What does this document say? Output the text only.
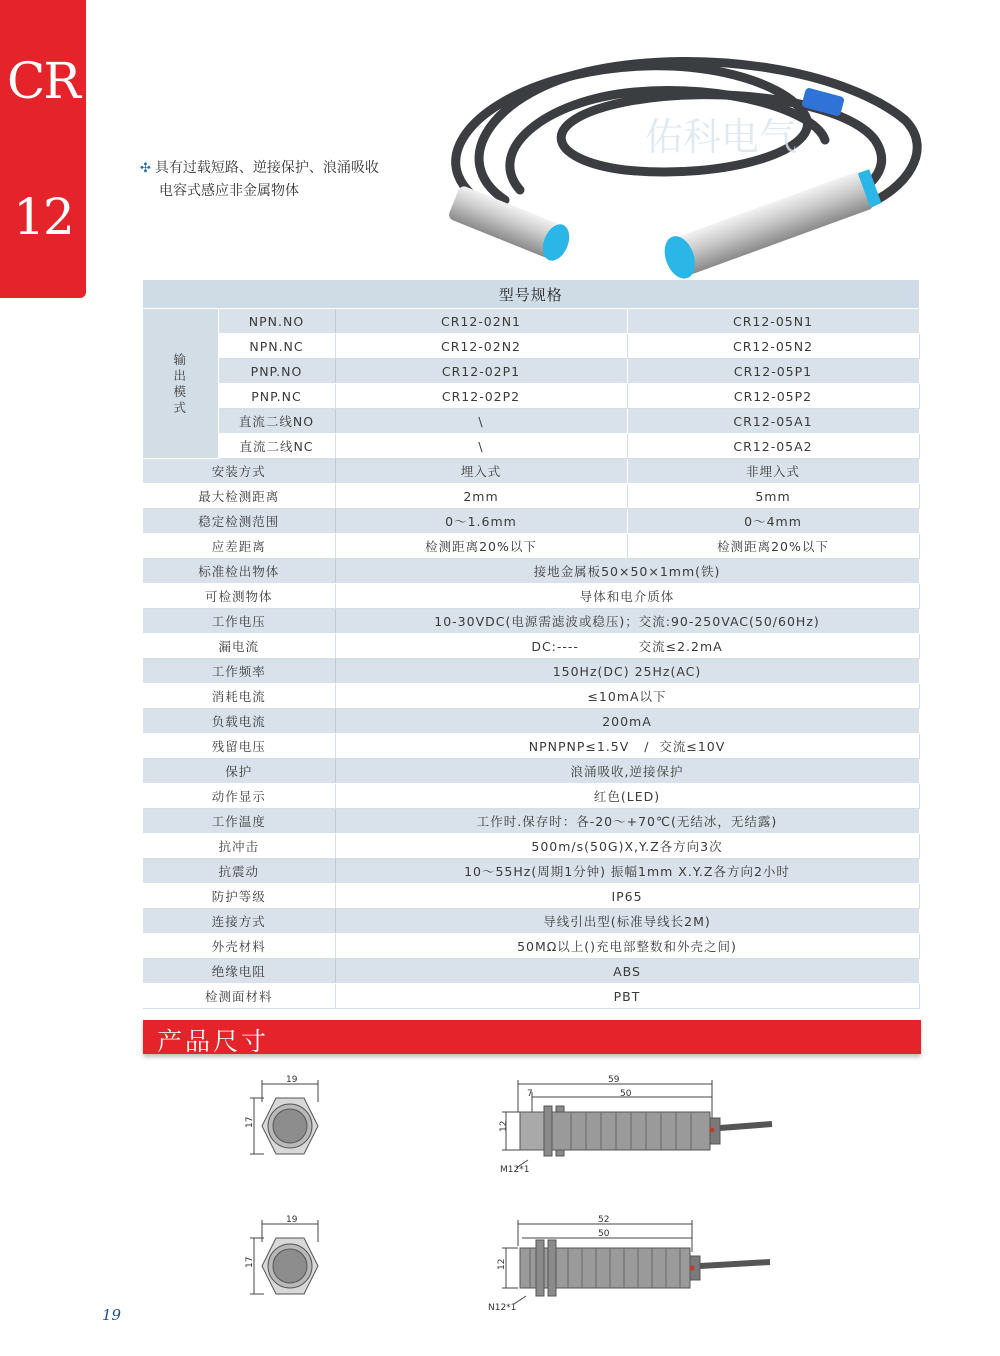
CR
12
✣ 具有过载短路、逆接保护、浪涌吸收
电容式感应非金属物体
佑科电气
型号规格			
输出模式	NPN.NO	CR12-02N1	CR12-05N1
	NPN.NC	CR12-02N2	CR12-05N2
	PNP.NO	CR12-02P1	CR12-05P1
	PNP.NC	CR12-02P2	CR12-05P2
	直流二线NO	\	CR12-05A1
	直流二线NC	\	CR12-05A2
安装方式		埋入式	非埋入式
最大检测距离		2mm	5mm
稳定检测范围		0～1.6mm	0～4mm
应差距离		检测距离20%以下	检测距离20%以下
标准检出物体		接地金属板50×50×1mm(铁)	
可检测物体		导体和电介质体	
工作电压		10-30VDC(电源需滤波或稳压)；交流:90-250VAC(50/60Hz)	
漏电流		DC:----            交流≤2.2mA	
工作频率		150Hz(DC) 25Hz(AC)	
消耗电流		≤10mA以下	
负载电流		200mA	
残留电压		NPNPNP≤1.5V   /  交流≤10V	
保护		浪涌吸收,逆接保护	
动作显示		红色(LED)	
工作温度		工作时.保存时：各-20～+70℃(无结冰，无结露)	
抗冲击		500m/s(50G)X,Y.Z各方向3次	
抗震动		10～55Hz(周期1分钟) 振幅1mm X.Y.Z各方向2小时	
防护等级		IP65	
连接方式		导线引出型(标准导线长2M)	
外壳材料		50MΩ以上()充电部整数和外壳之间)	
绝缘电阻		ABS	
检测面材料		PBT	
产品尺寸
19
17
59
50
7
12
M12*1
19
17
52
50
12
N12*1
19
